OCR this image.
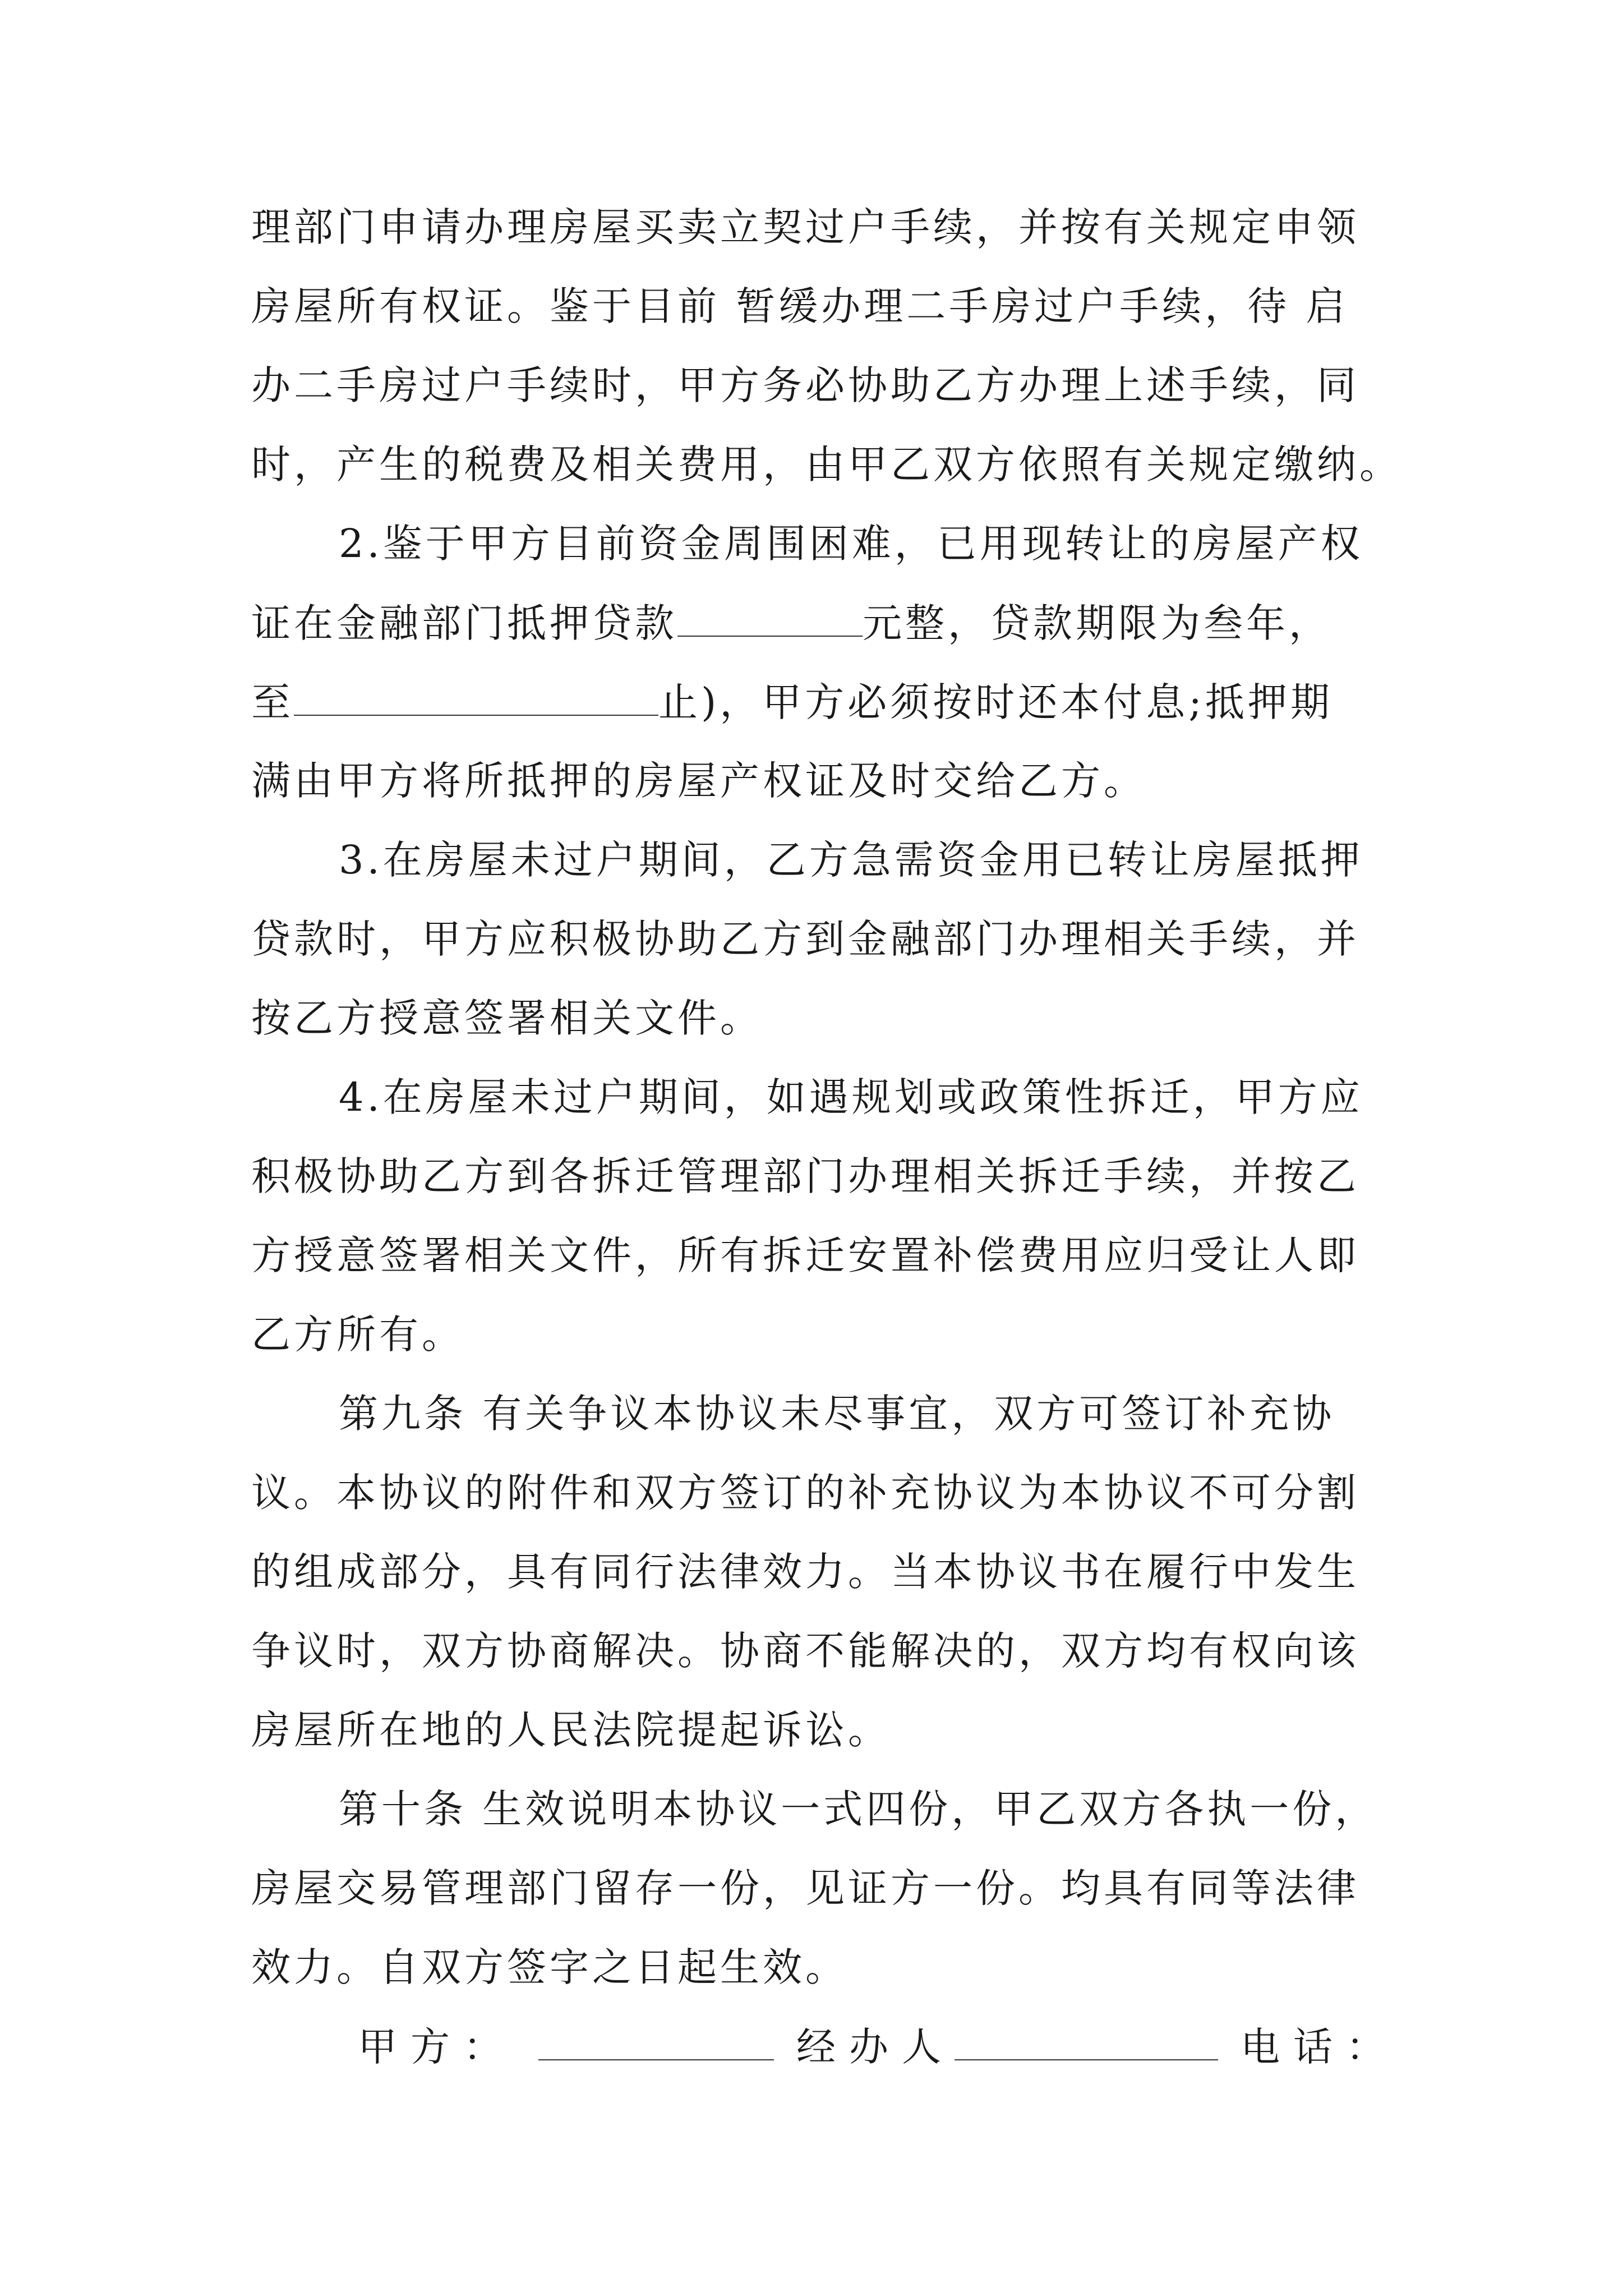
理部门申请办理房屋买卖立契过户手续，并按有关规定申领
房屋所有权证。鉴于目前 暂缓办理二手房过户手续，待 启
办二手房过户手续时，甲方务必协助乙方办理上述手续，同
时，产生的税费及相关费用，由甲乙双方依照有关规定缴纳。
2.鉴于甲方目前资金周围困难，已用现转让的房屋产权
证在金融部门抵押贷款	元整，贷款期限为叁年，
至	止)，甲方必须按时还本付息;抵押期
满由甲方将所抵押的房屋产权证及时交给乙方。
3.在房屋未过户期间，乙方急需资金用已转让房屋抵押
贷款时，甲方应积极协助乙方到金融部门办理相关手续，并
按乙方授意签署相关文件。
4.在房屋未过户期间，如遇规划或政策性拆迁，甲方应
积极协助乙方到各拆迁管理部门办理相关拆迁手续，并按乙
方授意签署相关文件，所有拆迁安置补偿费用应归受让人即
乙方所有。
第九条 有关争议本协议未尽事宜，双方可签订补充协
议。本协议的附件和双方签订的补充协议为本协议不可分割
的组成部分，具有同行法律效力。当本协议书在履行中发生
争议时，双方协商解决。协商不能解决的，双方均有权向该
房屋所在地的人民法院提起诉讼。
第十条 生效说明本协议一式四份，甲乙双方各执一份，
房屋交易管理部门留存一份，见证方一份。均具有同等法律
效力。自双方签字之日起生效。
甲方：	经办人	电话：
